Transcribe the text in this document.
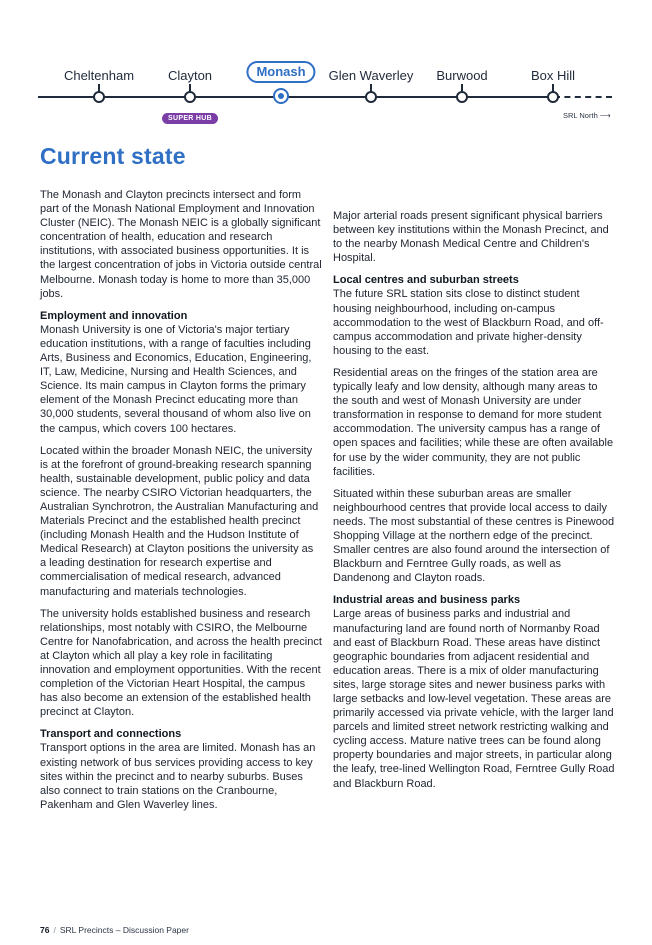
Cheltenham	Clayton	Monash	Glen Waverley Burwood	Box Hill
SUPER HUB	SRL North ⟶
Current state

The Monash and Clayton precincts intersect and form part of the Monash National Employment and Innovation Cluster (NEIC). The Monash NEIC is a globally significant concentration of health, education and research institutions, with associated business opportunities. It is the largest concentration of jobs in Victoria outside central Melbourne. Monash today is home to more than 35,000 jobs.

Employment and innovation

Monash University is one of Victoria's major tertiary education institutions, with a range of faculties including Arts, Business and Economics, Education, Engineering, IT, Law, Medicine, Nursing and Health Sciences, and Science. Its main campus in Clayton forms the primary element of the Monash Precinct educating more than 30,000 students, several thousand of whom also live on the campus, which covers 100 hectares.

Located within the broader Monash NEIC, the university is at the forefront of ground-breaking research spanning health, sustainable development, public policy and data science. The nearby CSIRO Victorian headquarters, the Australian Synchrotron, the Australian Manufacturing and Materials Precinct and the established health precinct (including Monash Health and the Hudson Institute of Medical Research) at Clayton positions the university as a leading destination for research expertise and commercialisation of medical research, advanced manufacturing and materials technologies.

The university holds established business and research relationships, most notably with CSIRO, the Melbourne Centre for Nanofabrication, and across the health precinct at Clayton which all play a key role in facilitating innovation and employment opportunities. With the recent completion of the Victorian Heart Hospital, the campus has also become an extension of the established health precinct at Clayton.

Transport and connections

Transport options in the area are limited. Monash has an existing network of bus services providing access to key sites within the precinct and to nearby suburbs. Buses also connect to train stations on the Cranbourne, Pakenham and Glen Waverley lines.

Major arterial roads present significant physical barriers between key institutions within the Monash Precinct, and to the nearby Monash Medical Centre and Children's Hospital.

Local centres and suburban streets

The future SRL station sits close to distinct student housing neighbourhood, including on-campus accommodation to the west of Blackburn Road, and off-campus accommodation and private higher-density housing to the east.

Residential areas on the fringes of the station area are typically leafy and low density, although many areas to the south and west of Monash University are under transformation in response to demand for more student accommodation. The university campus has a range of open spaces and facilities; while these are often available for use by the wider community, they are not public facilities.

Situated within these suburban areas are smaller neighbourhood centres that provide local access to daily needs. The most substantial of these centres is Pinewood Shopping Village at the northern edge of the precinct. Smaller centres are also found around the intersection of Blackburn and Ferntree Gully roads, as well as Dandenong and Clayton roads.

Industrial areas and business parks

Large areas of business parks and industrial and manufacturing land are found north of Normanby Road and east of Blackburn Road. These areas have distinct geographic boundaries from adjacent residential and education areas. There is a mix of older manufacturing sites, large storage sites and newer business parks with large setbacks and low-level vegetation. These areas are primarily accessed via private vehicle, with the larger land parcels and limited street network restricting walking and cycling access. Mature native trees can be found along property boundaries and major streets, in particular along the leafy, tree-lined Wellington Road, Ferntree Gully Road and Blackburn Road.

76 / SRL Precincts – Discussion Paper
